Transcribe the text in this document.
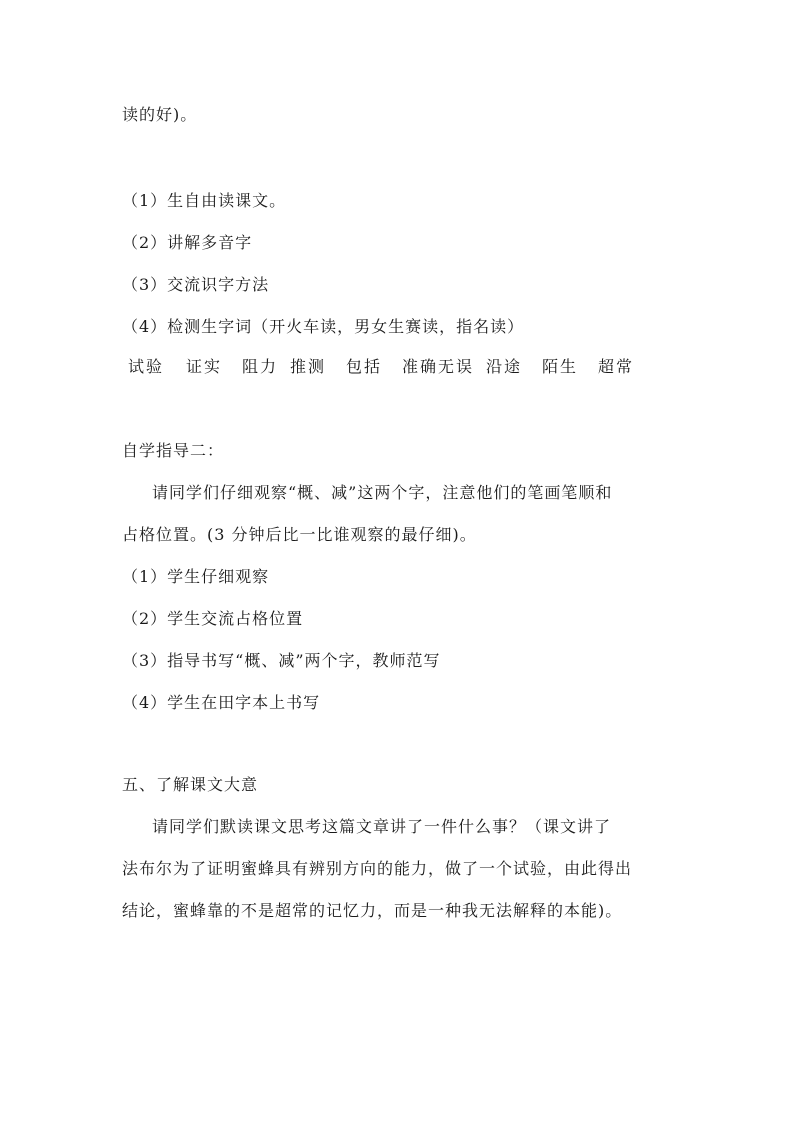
读的好)。
（1）生自由读课文。
（2）讲解多音字
（3）交流识字方法
（4）检测生字词（开火车读，男女生赛读，指名读）
试验 证实 阻力 推测 包括 准确无误 沿途 陌生 超常
自学指导二：
请同学们仔细观察“概、减”这两个字，注意他们的笔画笔顺和
占格位置。(3 分钟后比一比谁观察的最仔细)。
（1）学生仔细观察
（2）学生交流占格位置
（3）指导书写“概、减”两个字，教师范写
（4）学生在田字本上书写
五、了解课文大意
请同学们默读课文思考这篇文章讲了一件什么事？（课文讲了
法布尔为了证明蜜蜂具有辨别方向的能力，做了一个试验，由此得出
结论，蜜蜂靠的不是超常的记忆力，而是一种我无法解释的本能)。
